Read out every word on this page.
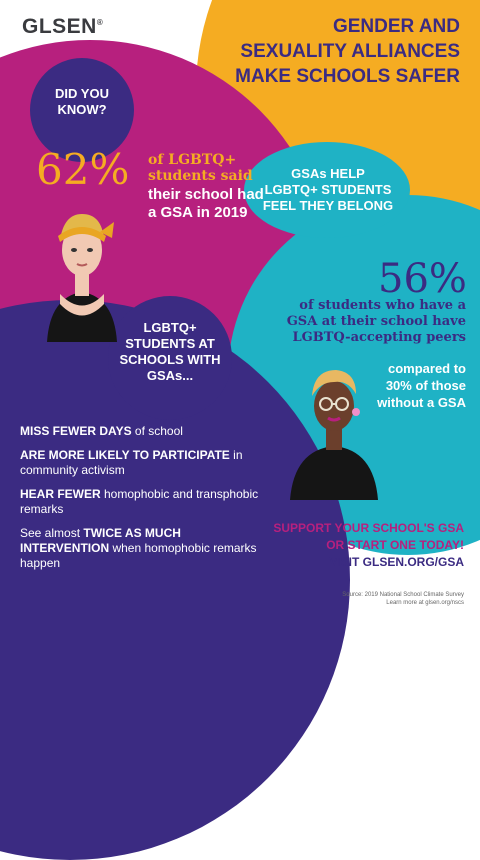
GLSEN®	GENDER AND
SEXUALITY ALLIANCES
MAKE SCHOOLS SAFER
DID YOU
KNOW?
62% of LGBTQ+
students said
their school had
a GSA in 2019
GSAs HELP
LGBTQ+ STUDENTS
FEEL THEY BELONG
56%
of students who have a
GSA at their school have
LGBTQ-accepting peers
compared to
30% of those
without a GSA
LGBTQ+
STUDENTS AT
SCHOOLS WITH
GSAs...
MISS FEWER DAYS of school
ARE MORE LIKELY TO PARTICIPATE in community activism
HEAR FEWER homophobic and transphobic remarks
See almost TWICE AS MUCH INTERVENTION when homophobic remarks happen
SUPPORT YOUR SCHOOL'S GSA
OR START ONE TODAY!
VISIT GLSEN.ORG/GSA
Source: 2019 National School Climate Survey
Learn more at glsen.org/nscs
